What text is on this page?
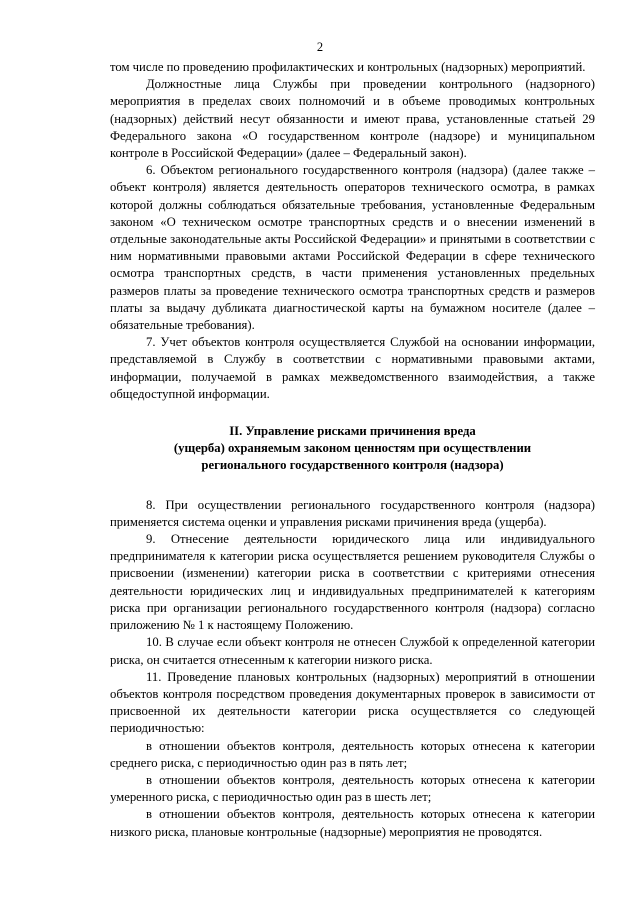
2

том числе по проведению профилактических и контрольных (надзорных) мероприятий.

Должностные лица Службы при проведении контрольного (надзорного) мероприятия в пределах своих полномочий и в объеме проводимых контрольных (надзорных) действий несут обязанности и имеют права, установленные статьей 29 Федерального закона «О государственном контроле (надзоре) и муниципальном контроле в Российской Федерации» (далее – Федеральный закон).

6. Объектом регионального государственного контроля (надзора) (далее также – объект контроля) является деятельность операторов технического осмотра, в рамках которой должны соблюдаться обязательные требования, установленные Федеральным законом «О техническом осмотре транспортных средств и о внесении изменений в отдельные законодательные акты Российской Федерации» и принятыми в соответствии с ним нормативными правовыми актами Российской Федерации в сфере технического осмотра транспортных средств, в части применения установленных предельных размеров платы за проведение технического осмотра транспортных средств и размеров платы за выдачу дубликата диагностической карты на бумажном носителе (далее – обязательные требования).

7. Учет объектов контроля осуществляется Службой на основании информации, представляемой в Службу в соответствии с нормативными правовыми актами, информации, получаемой в рамках межведомственного взаимодействия, а также общедоступной информации.

II. Управление рисками причинения вреда
(ущерба) охраняемым законом ценностям при осуществлении
регионального государственного контроля (надзора)

8. При осуществлении регионального государственного контроля (надзора) применяется система оценки и управления рисками причинения вреда (ущерба).

9. Отнесение деятельности юридического лица или индивидуального предпринимателя к категории риска осуществляется решением руководителя Службы о присвоении (изменении) категории риска в соответствии с критериями отнесения деятельности юридических лиц и индивидуальных предпринимателей к категориям риска при организации регионального государственного контроля (надзора) согласно приложению № 1 к настоящему Положению.

10. В случае если объект контроля не отнесен Службой к определенной категории риска, он считается отнесенным к категории низкого риска.

11. Проведение плановых контрольных (надзорных) мероприятий в отношении объектов контроля посредством проведения документарных проверок в зависимости от присвоенной их деятельности категории риска осуществляется со следующей периодичностью:

в отношении объектов контроля, деятельность которых отнесена к категории среднего риска, с периодичностью один раз в пять лет;

в отношении объектов контроля, деятельность которых отнесена к категории умеренного риска, с периодичностью один раз в шесть лет;

в отношении объектов контроля, деятельность которых отнесена к категории низкого риска, плановые контрольные (надзорные) мероприятия не проводятся.
